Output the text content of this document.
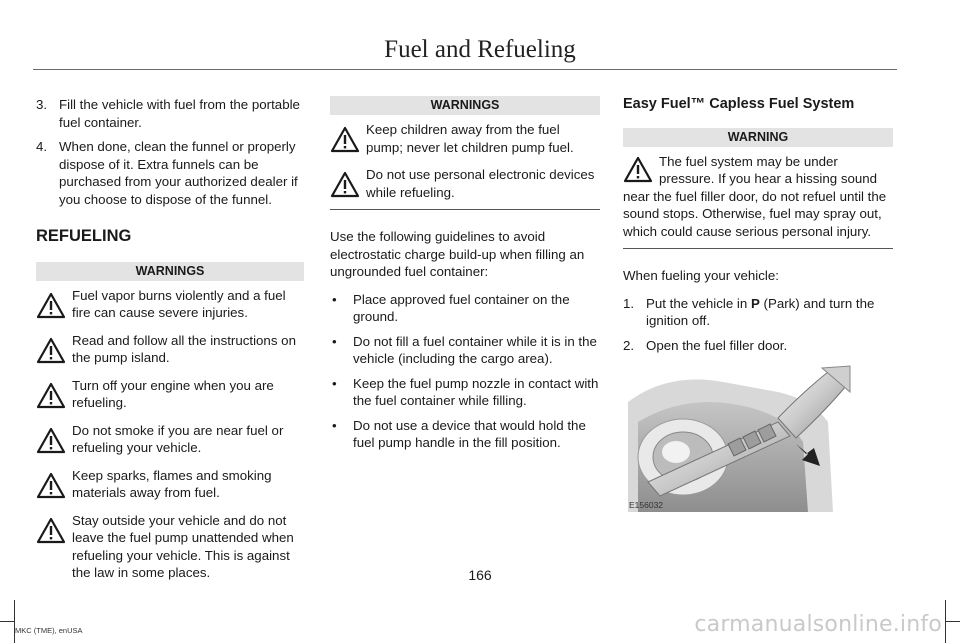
Fuel and Refueling
3. Fill the vehicle with fuel from the portable fuel container.
4. When done, clean the funnel or properly dispose of it. Extra funnels can be purchased from your authorized dealer if you choose to dispose of the funnel.
REFUELING
WARNINGS
Fuel vapor burns violently and a fuel fire can cause severe injuries.
Read and follow all the instructions on the pump island.
Turn off your engine when you are refueling.
Do not smoke if you are near fuel or refueling your vehicle.
Keep sparks, flames and smoking materials away from fuel.
Stay outside your vehicle and do not leave the fuel pump unattended when refueling your vehicle. This is against the law in some places.
WARNINGS
Keep children away from the fuel pump; never let children pump fuel.
Do not use personal electronic devices while refueling.
Use the following guidelines to avoid electrostatic charge build-up when filling an ungrounded fuel container:
• Place approved fuel container on the ground.
• Do not fill a fuel container while it is in the vehicle (including the cargo area).
• Keep the fuel pump nozzle in contact with the fuel container while filling.
• Do not use a device that would hold the fuel pump handle in the fill position.
Easy Fuel™ Capless Fuel System
WARNING
The fuel system may be under pressure. If you hear a hissing sound near the fuel filler door, do not refuel until the sound stops. Otherwise, fuel may spray out, which could cause serious personal injury.
When fueling your vehicle:
1. Put the vehicle in P (Park) and turn the ignition off.
2. Open the fuel filler door.
E156032
166
MKC (TME), enUSA	carmanualsonline.info
